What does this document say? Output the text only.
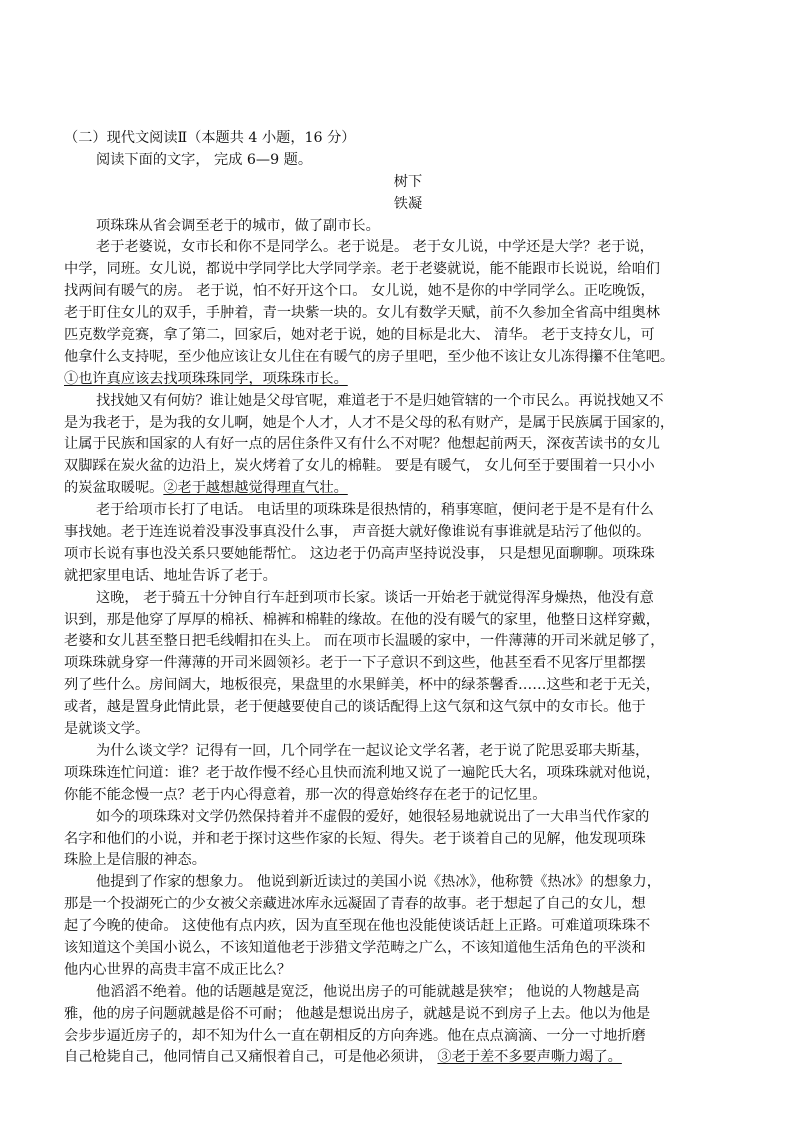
（二）现代文阅读Ⅱ（本题共 4 小题，16 分）
阅读下面的文字， 完成 6—9 题。
树下
铁凝
项珠珠从省会调至老于的城市，做了副市长。
老于老婆说，女市长和你不是同学么。老于说是。 老于女儿说，中学还是大学？老于说，
中学，同班。女儿说，都说中学同学比大学同学亲。老于老婆就说，能不能跟市长说说，给咱们
找两间有暖气的房。 老于说，怕不好开这个口。 女儿说，她不是你的中学同学么。正吃晚饭，
老于盯住女儿的双手，手肿着，青一块紫一块的。女儿有数学天赋，前不久参加全省高中组奥林
匹克数学竞赛，拿了第二，回家后，她对老于说，她的目标是北大、 清华。 老于支持女儿，可
他拿什么支持呢，至少他应该让女儿住在有暖气的房子里吧，至少他不该让女儿冻得攥不住笔吧。
①也许真应该去找项珠珠同学，项珠珠市长。
找找她又有何妨？谁让她是父母官呢，难道老于不是归她管辖的一个市民么。再说找她又不
是为我老于，是为我的女儿啊，她是个人才，人才不是父母的私有财产，是属于民族属于国家的，
让属于民族和国家的人有好一点的居住条件又有什么不对呢？他想起前两天，深夜苦读书的女儿
双脚踩在炭火盆的边沿上，炭火烤着了女儿的棉鞋。 要是有暖气， 女儿何至于要围着一只小小
的炭盆取暖呢。②老于越想越觉得理直气壮。
老于给项市长打了电话。 电话里的项珠珠是很热情的，稍事寒暄，便问老于是不是有什么
事找她。老于连连说着没事没事真没什么事， 声音挺大就好像谁说有事谁就是玷污了他似的。
项市长说有事也没关系只要她能帮忙。 这边老于仍高声坚持说没事， 只是想见面聊聊。项珠珠
就把家里电话、地址告诉了老于。
这晚， 老于骑五十分钟自行车赶到项市长家。谈话一开始老于就觉得浑身燥热，他没有意
识到，那是他穿了厚厚的棉袄、棉裤和棉鞋的缘故。在他的没有暖气的家里，他整日这样穿戴，
老婆和女儿甚至整日把毛线帽扣在头上。 而在项市长温暖的家中，一件薄薄的开司米就足够了，
项珠珠就身穿一件薄薄的开司米圆领衫。老于一下子意识不到这些，他甚至看不见客厅里都摆
列了些什么。房间阔大，地板很亮，果盘里的水果鲜美，杯中的绿茶馨香……这些和老于无关，
或者，越是置身此情此景，老于便越要使自己的谈话配得上这气氛和这气氛中的女市长。他于
是就谈文学。
为什么谈文学？记得有一回，几个同学在一起议论文学名著，老于说了陀思妥耶夫斯基，
项珠珠连忙问道：谁？老于故作慢不经心且快而流利地又说了一遍陀氏大名，项珠珠就对他说，
你能不能念慢一点？老于内心得意着，那一次的得意始终存在老于的记忆里。
如今的项珠珠对文学仍然保持着并不虚假的爱好，她很轻易地就说出了一大串当代作家的
名字和他们的小说，并和老于探讨这些作家的长短、得失。老于谈着自己的见解，他发现项珠
珠脸上是信服的神态。
他提到了作家的想象力。 他说到新近读过的美国小说《热冰》，他称赞《热冰》的想象力，
那是一个投湖死亡的少女被父亲藏进冰库永远凝固了青春的故事。老于想起了自己的女儿，想
起了今晚的使命。 这使他有点内疚，因为直至现在他也没能使谈话赶上正路。可难道项珠珠不
该知道这个美国小说么，不该知道他老于涉猎文学范畴之广么，不该知道他生活角色的平淡和
他内心世界的高贵丰富不成正比么？
他滔滔不绝着。他的话题越是宽泛，他说出房子的可能就越是狭窄； 他说的人物越是高
雅，他的房子问题就越是俗不可耐； 他越是想说出房子，就越是说不到房子上去。他以为他是
会步步逼近房子的，却不知为什么一直在朝相反的方向奔逃。他在点点滴滴、一分一寸地折磨
自己枪毙自己，他同情自己又痛恨着自己，可是他必须讲， ③老于差不多要声嘶力竭了。
